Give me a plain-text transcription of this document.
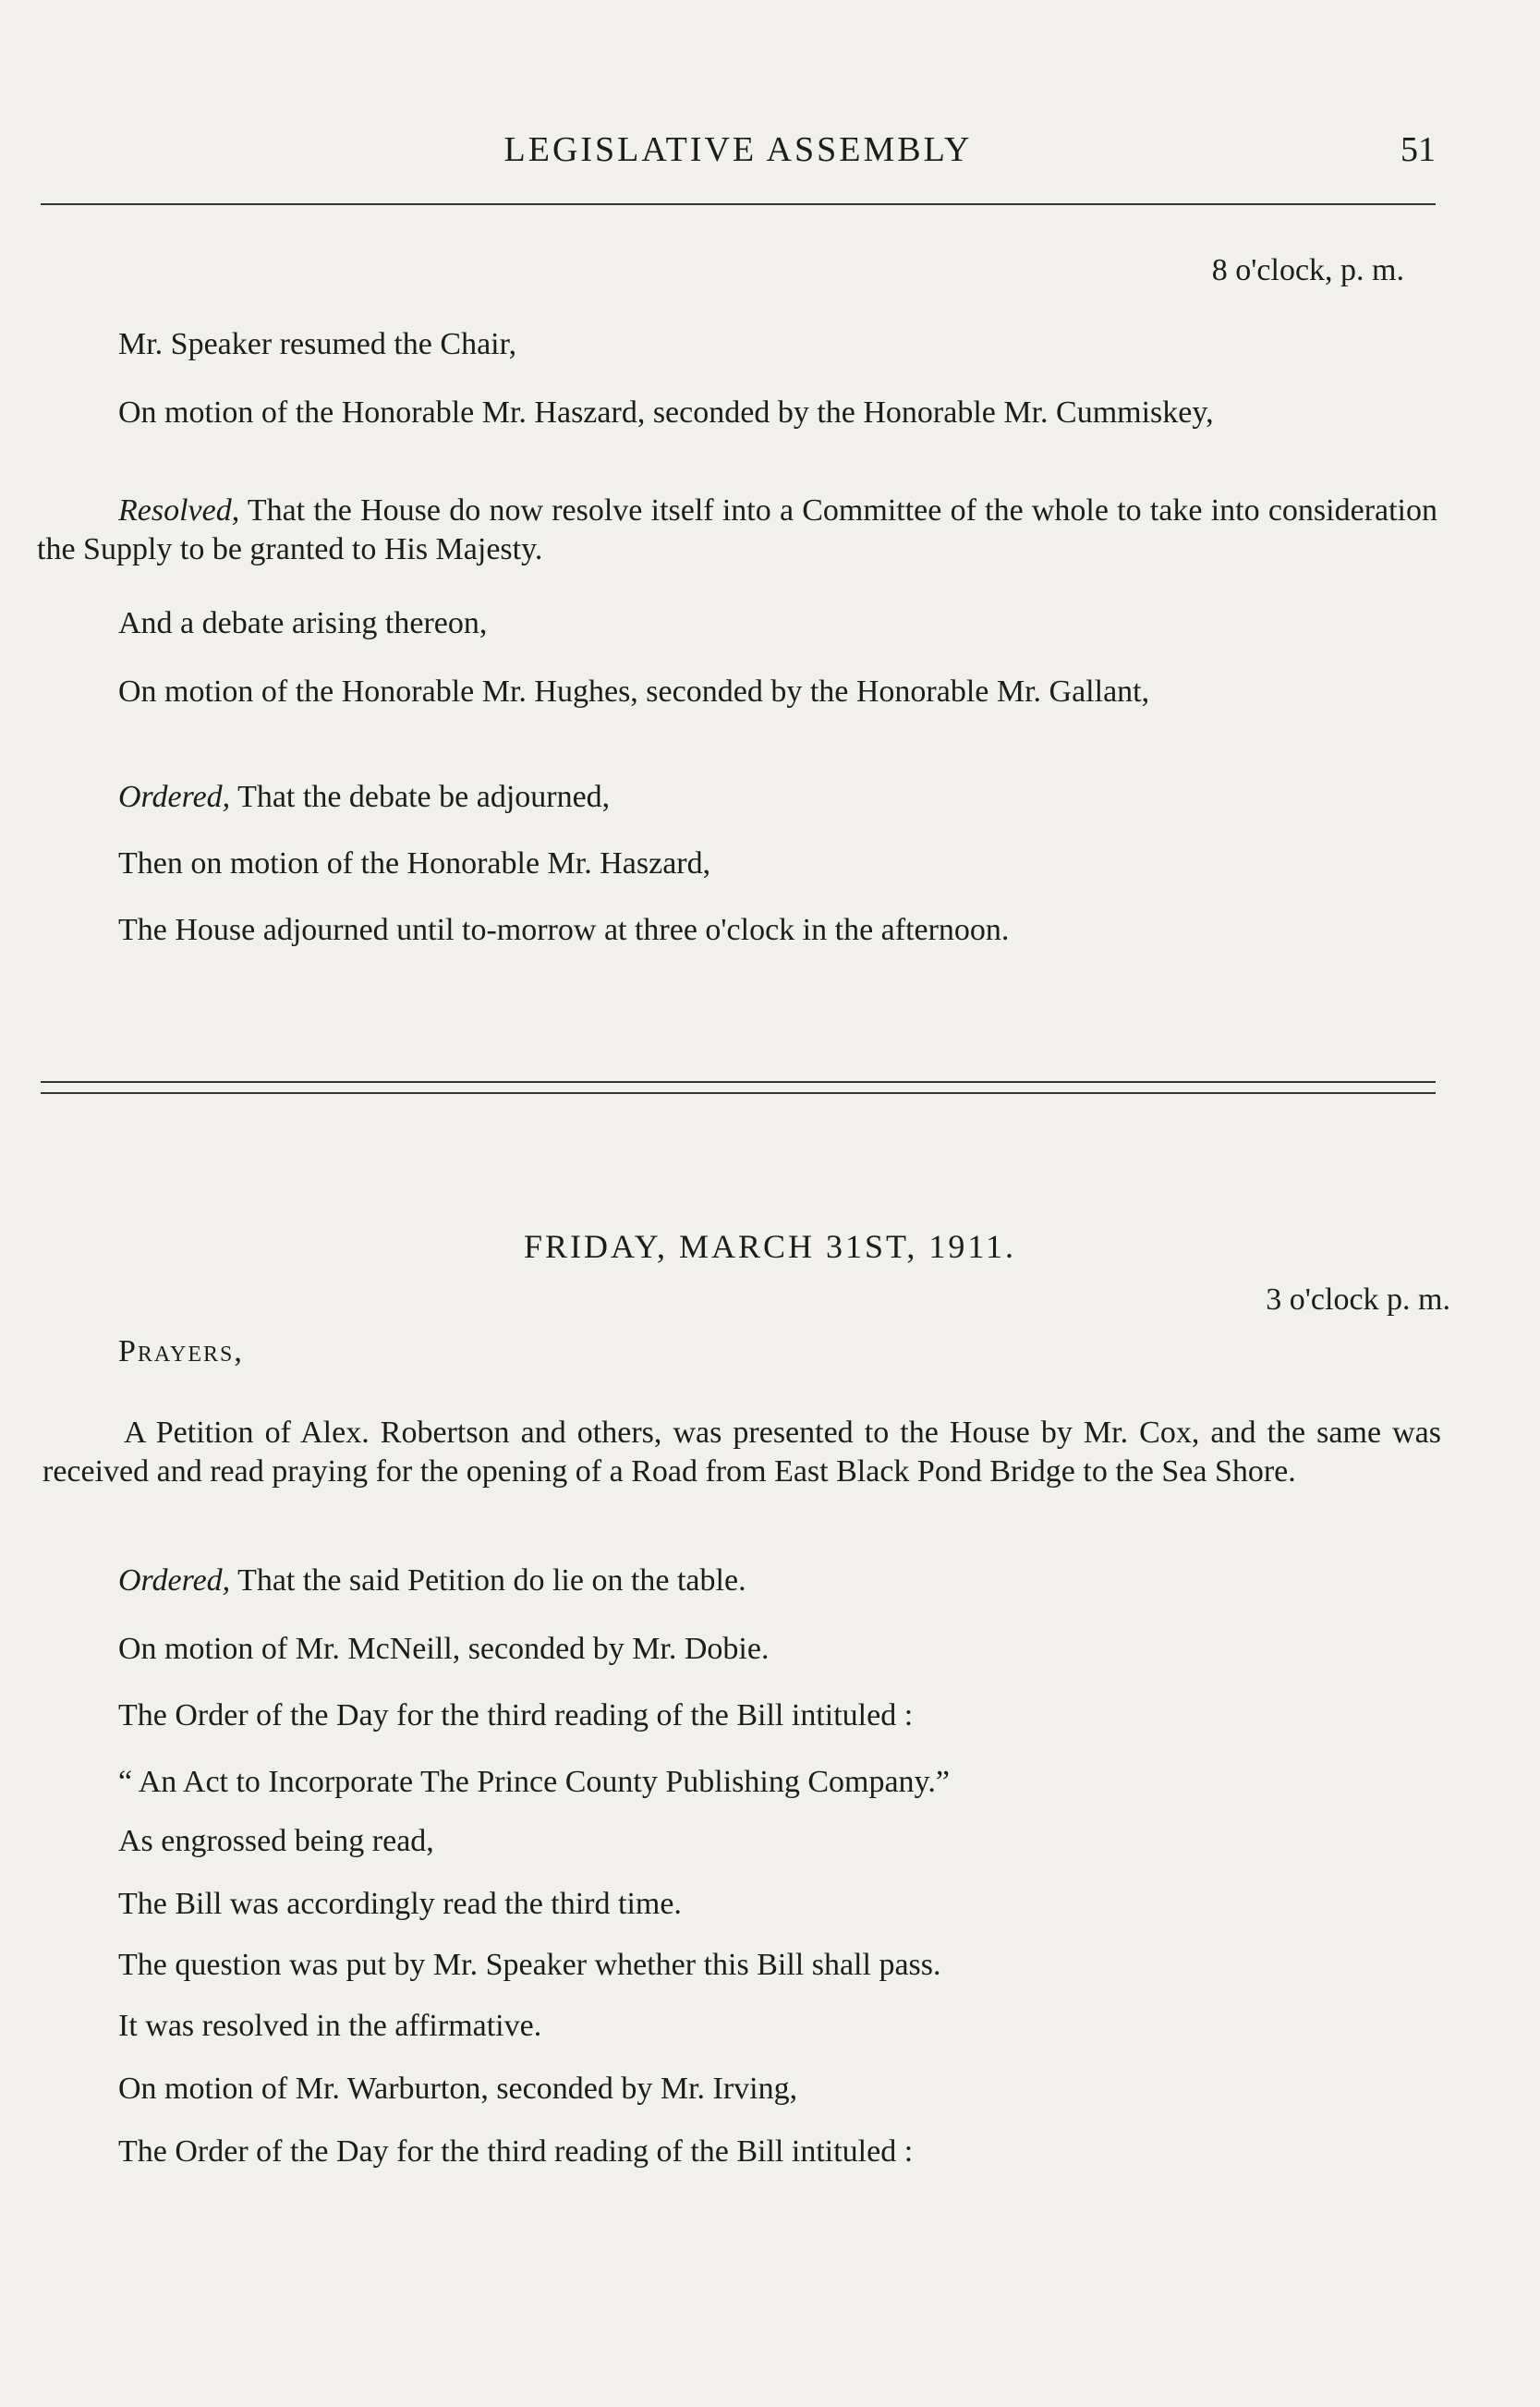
LEGISLATIVE ASSEMBLY	51
8 o'clock, p. m.
Mr. Speaker resumed the Chair,
On motion of the Honorable Mr. Haszard, seconded by the Honorable Mr. Cummiskey,
Resolved, That the House do now resolve itself into a Committee of the whole to take into consideration the Supply to be granted to His Majesty.
And a debate arising thereon,
On motion of the Honorable Mr. Hughes, seconded by the Honorable Mr. Gallant,
Ordered, That the debate be adjourned,
Then on motion of the Honorable Mr. Haszard,
The House adjourned until to-morrow at three o'clock in the afternoon.
FRIDAY, MARCH 31ST, 1911.
3 o'clock p. m.
Prayers,
A Petition of Alex. Robertson and others, was presented to the House by Mr. Cox, and the same was received and read praying for the opening of a Road from East Black Pond Bridge to the Sea Shore.
Ordered, That the said Petition do lie on the table.
On motion of Mr. McNeill, seconded by Mr. Dobie.
The Order of the Day for the third reading of the Bill intituled :
“ An Act to Incorporate The Prince County Publishing Company.”
As engrossed being read,
The Bill was accordingly read the third time.
The question was put by Mr. Speaker whether this Bill shall pass.
It was resolved in the affirmative.
On motion of Mr. Warburton, seconded by Mr. Irving,
The Order of the Day for the third reading of the Bill intituled :
